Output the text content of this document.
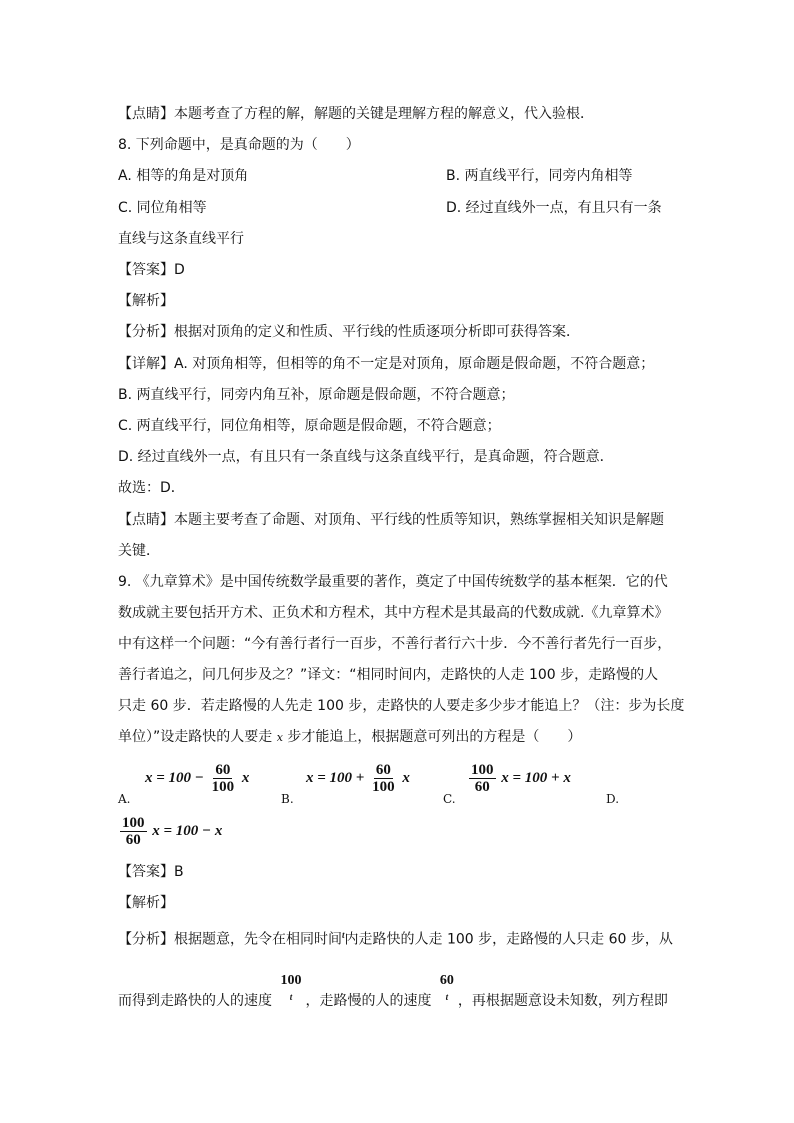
【点睛】本题考查了方程的解，解题的关键是理解方程的解意义，代入验根．
8. 下列命题中，是真命题的为（　　）
A. 相等的角是对顶角	B. 两直线平行，同旁内角相等
C. 同位角相等	D. 经过直线外一点，有且只有一条
直线与这条直线平行
【答案】D
【解析】
【分析】根据对顶角的定义和性质、平行线的性质逐项分析即可获得答案．
【详解】A. 对顶角相等，但相等的角不一定是对顶角，原命题是假命题，不符合题意；
B. 两直线平行，同旁内角互补，原命题是假命题，不符合题意；
C. 两直线平行，同位角相等，原命题是假命题，不符合题意；
D. 经过直线外一点，有且只有一条直线与这条直线平行，是真命题，符合题意．
故选：D．
【点睛】本题主要考查了命题、对顶角、平行线的性质等知识，熟练掌握相关知识是解题
关键．
9. 《九章算术》是中国传统数学最重要的著作，奠定了中国传统数学的基本框架．它的代
数成就主要包括开方术、正负术和方程术，其中方程术是其最高的代数成就.《九章算术》
中有这样一个问题：“今有善行者行一百步，不善行者行六十步．今不善行者先行一百步，
善行者追之，问几何步及之？”译文：“相同时间内，走路快的人走 100 步，走路慢的人
只走 60 步．若走路慢的人先走 100 步，走路快的人要走多少步才能追上？（注：步为长度
单位）”设走路快的人要走 x 步才能追上，根据题意可列出的方程是（　　）
A.
$x = 100 - \frac{60}{100}$ x
B.
$x = 100 + \frac{60}{100}$ x
C.
$\frac{100}{60}$ x = 100 + x
D.
$\frac{100}{60}$ x = 100 − x
【答案】B
【解析】
【分析】根据题意，先令在相同时间$^t$内走路快的人走 100 步，走路慢的人只走 60 步，从
而得到走路快的人的速度
100
t ，走路慢的人的速度
60
t ，再根据题意设未知数，列方程即
